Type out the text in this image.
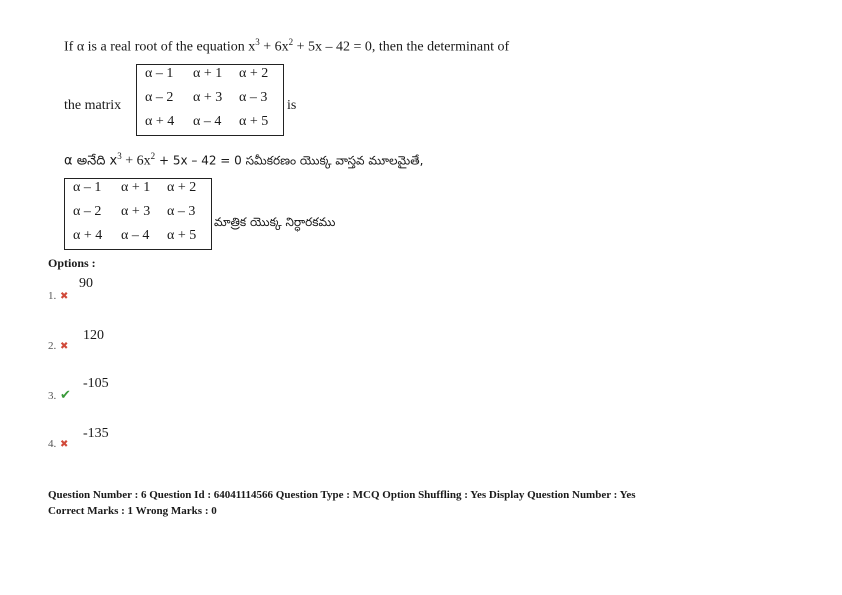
If α is a real root of the equation $x^3 + 6x^2 + 5x - 42 = 0$, then the determinant of
the matrix
α – 1 α + 1 α + 2
α – 2 α + 3 α – 3
α + 4 α – 4 α + 5
is
α అనేది $x^3 + 6x^2 + 5x - 42 = 0$ సమీకరణం యొక్క వాస్తవ మూలమైతే,
α – 1 α + 1 α + 2
α – 2 α + 3 α – 3
α + 4 α – 4 α + 5
మాత్రిక యొక్క నిర్ధారకము
Options :
1. ✖
90
2. ✖
120
3. ✔
-105
4. ✖
-135
Question Number : 6 Question Id : 64041114566 Question Type : MCQ Option Shuffling : Yes Display Question Number : Yes
Correct Marks : 1 Wrong Marks : 0
